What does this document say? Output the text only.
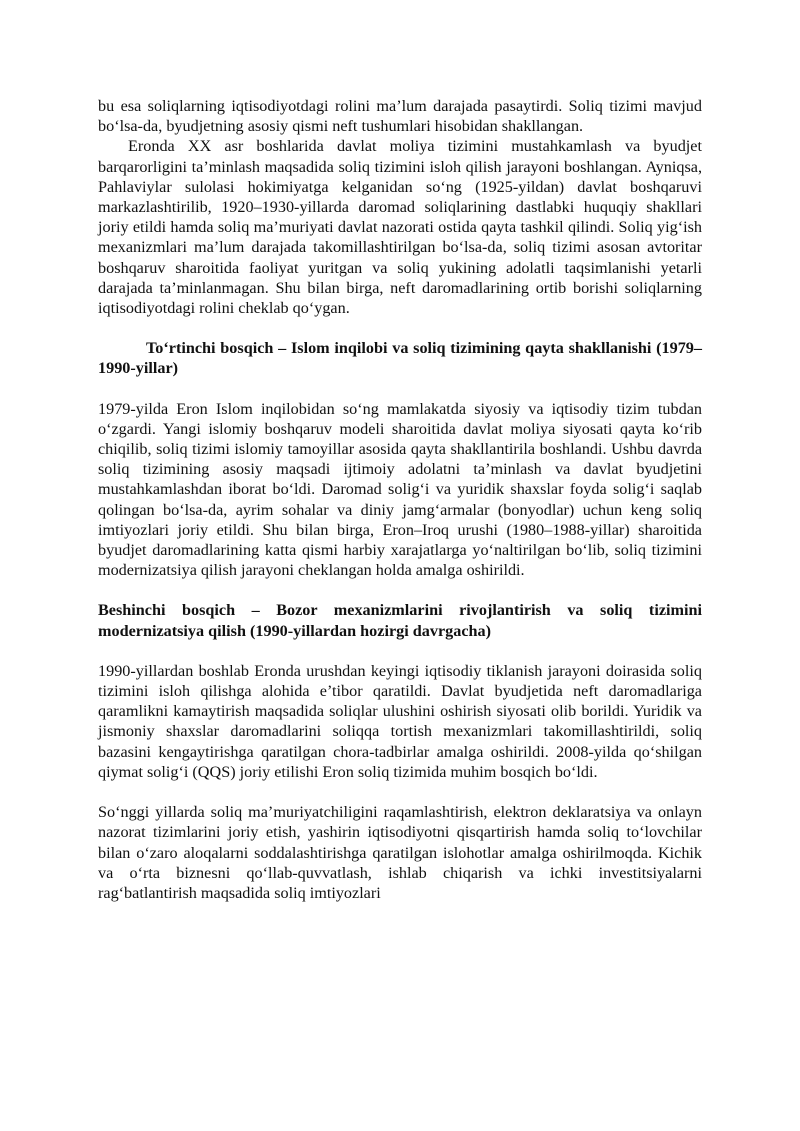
bu esa soliqlarning iqtisodiyotdagi rolini ma’lum darajada pasaytirdi. Soliq tizimi mavjud bo‘lsa-da, byudjetning asosiy qismi neft tushumlari hisobidan shakllangan.

Eronda XX asr boshlarida davlat moliya tizimini mustahkamlash va byudjet barqarorligini ta’minlash maqsadida soliq tizimini isloh qilish jarayoni boshlangan. Ayniqsa, Pahlaviylar sulolasi hokimiyatga kelganidan so‘ng (1925-yildan) davlat boshqaruvi markazlashtirilib, 1920–1930-yillarda daromad soliqlarining dastlabki huquqiy shakllari joriy etildi hamda soliq ma’muriyati davlat nazorati ostida qayta tashkil qilindi. Soliq yig‘ish mexanizmlari ma’lum darajada takomillashtirilgan bo‘lsa-da, soliq tizimi asosan avtoritar boshqaruv sharoitida faoliyat yuritgan va soliq yukining adolatli taqsimlanishi yetarli darajada ta’minlanmagan. Shu bilan birga, neft daromadlarining ortib borishi soliqlarning iqtisodiyotdagi rolini cheklab qo‘ygan.

To‘rtinchi bosqich – Islom inqilobi va soliq tizimining qayta shakllanishi (1979–1990-yillar)

1979-yilda Eron Islom inqilobidan so‘ng mamlakatda siyosiy va iqtisodiy tizim tubdan o‘zgardi. Yangi islomiy boshqaruv modeli sharoitida davlat moliya siyosati qayta ko‘rib chiqilib, soliq tizimi islomiy tamoyillar asosida qayta shakllantirila boshlandi. Ushbu davrda soliq tizimining asosiy maqsadi ijtimoiy adolatni ta’minlash va davlat byudjetini mustahkamlashdan iborat bo‘ldi. Daromad solig‘i va yuridik shaxslar foyda solig‘i saqlab qolingan bo‘lsa-da, ayrim sohalar va diniy jamg‘armalar (bonyodlar) uchun keng soliq imtiyozlari joriy etildi. Shu bilan birga, Eron–Iroq urushi (1980–1988-yillar) sharoitida byudjet daromadlarining katta qismi harbiy xarajatlarga yo‘naltirilgan bo‘lib, soliq tizimini modernizatsiya qilish jarayoni cheklangan holda amalga oshirildi.

Beshinchi bosqich – Bozor mexanizmlarini rivojlantirish va soliq tizimini modernizatsiya qilish (1990-yillardan hozirgi davrgacha)

1990-yillardan boshlab Eronda urushdan keyingi iqtisodiy tiklanish jarayoni doirasida soliq tizimini isloh qilishga alohida e’tibor qaratildi. Davlat byudjetida neft daromadlariga qaramlikni kamaytirish maqsadida soliqlar ulushini oshirish siyosati olib borildi. Yuridik va jismoniy shaxslar daromadlarini soliqqa tortish mexanizmlari takomillashtirildi, soliq bazasini kengaytirishga qaratilgan chora-tadbirlar amalga oshirildi. 2008-yilda qo‘shilgan qiymat solig‘i (QQS) joriy etilishi Eron soliq tizimida muhim bosqich bo‘ldi.

So‘nggi yillarda soliq ma’muriyatchiligini raqamlashtirish, elektron deklaratsiya va onlayn nazorat tizimlarini joriy etish, yashirin iqtisodiyotni qisqartirish hamda soliq to‘lovchilar bilan o‘zaro aloqalarni soddalashtirishga qaratilgan islohotlar amalga oshirilmoqda. Kichik va o‘rta biznesni qo‘llab-quvvatlash, ishlab chiqarish va ichki investitsiyalarni rag‘batlantirish maqsadida soliq imtiyozlari
